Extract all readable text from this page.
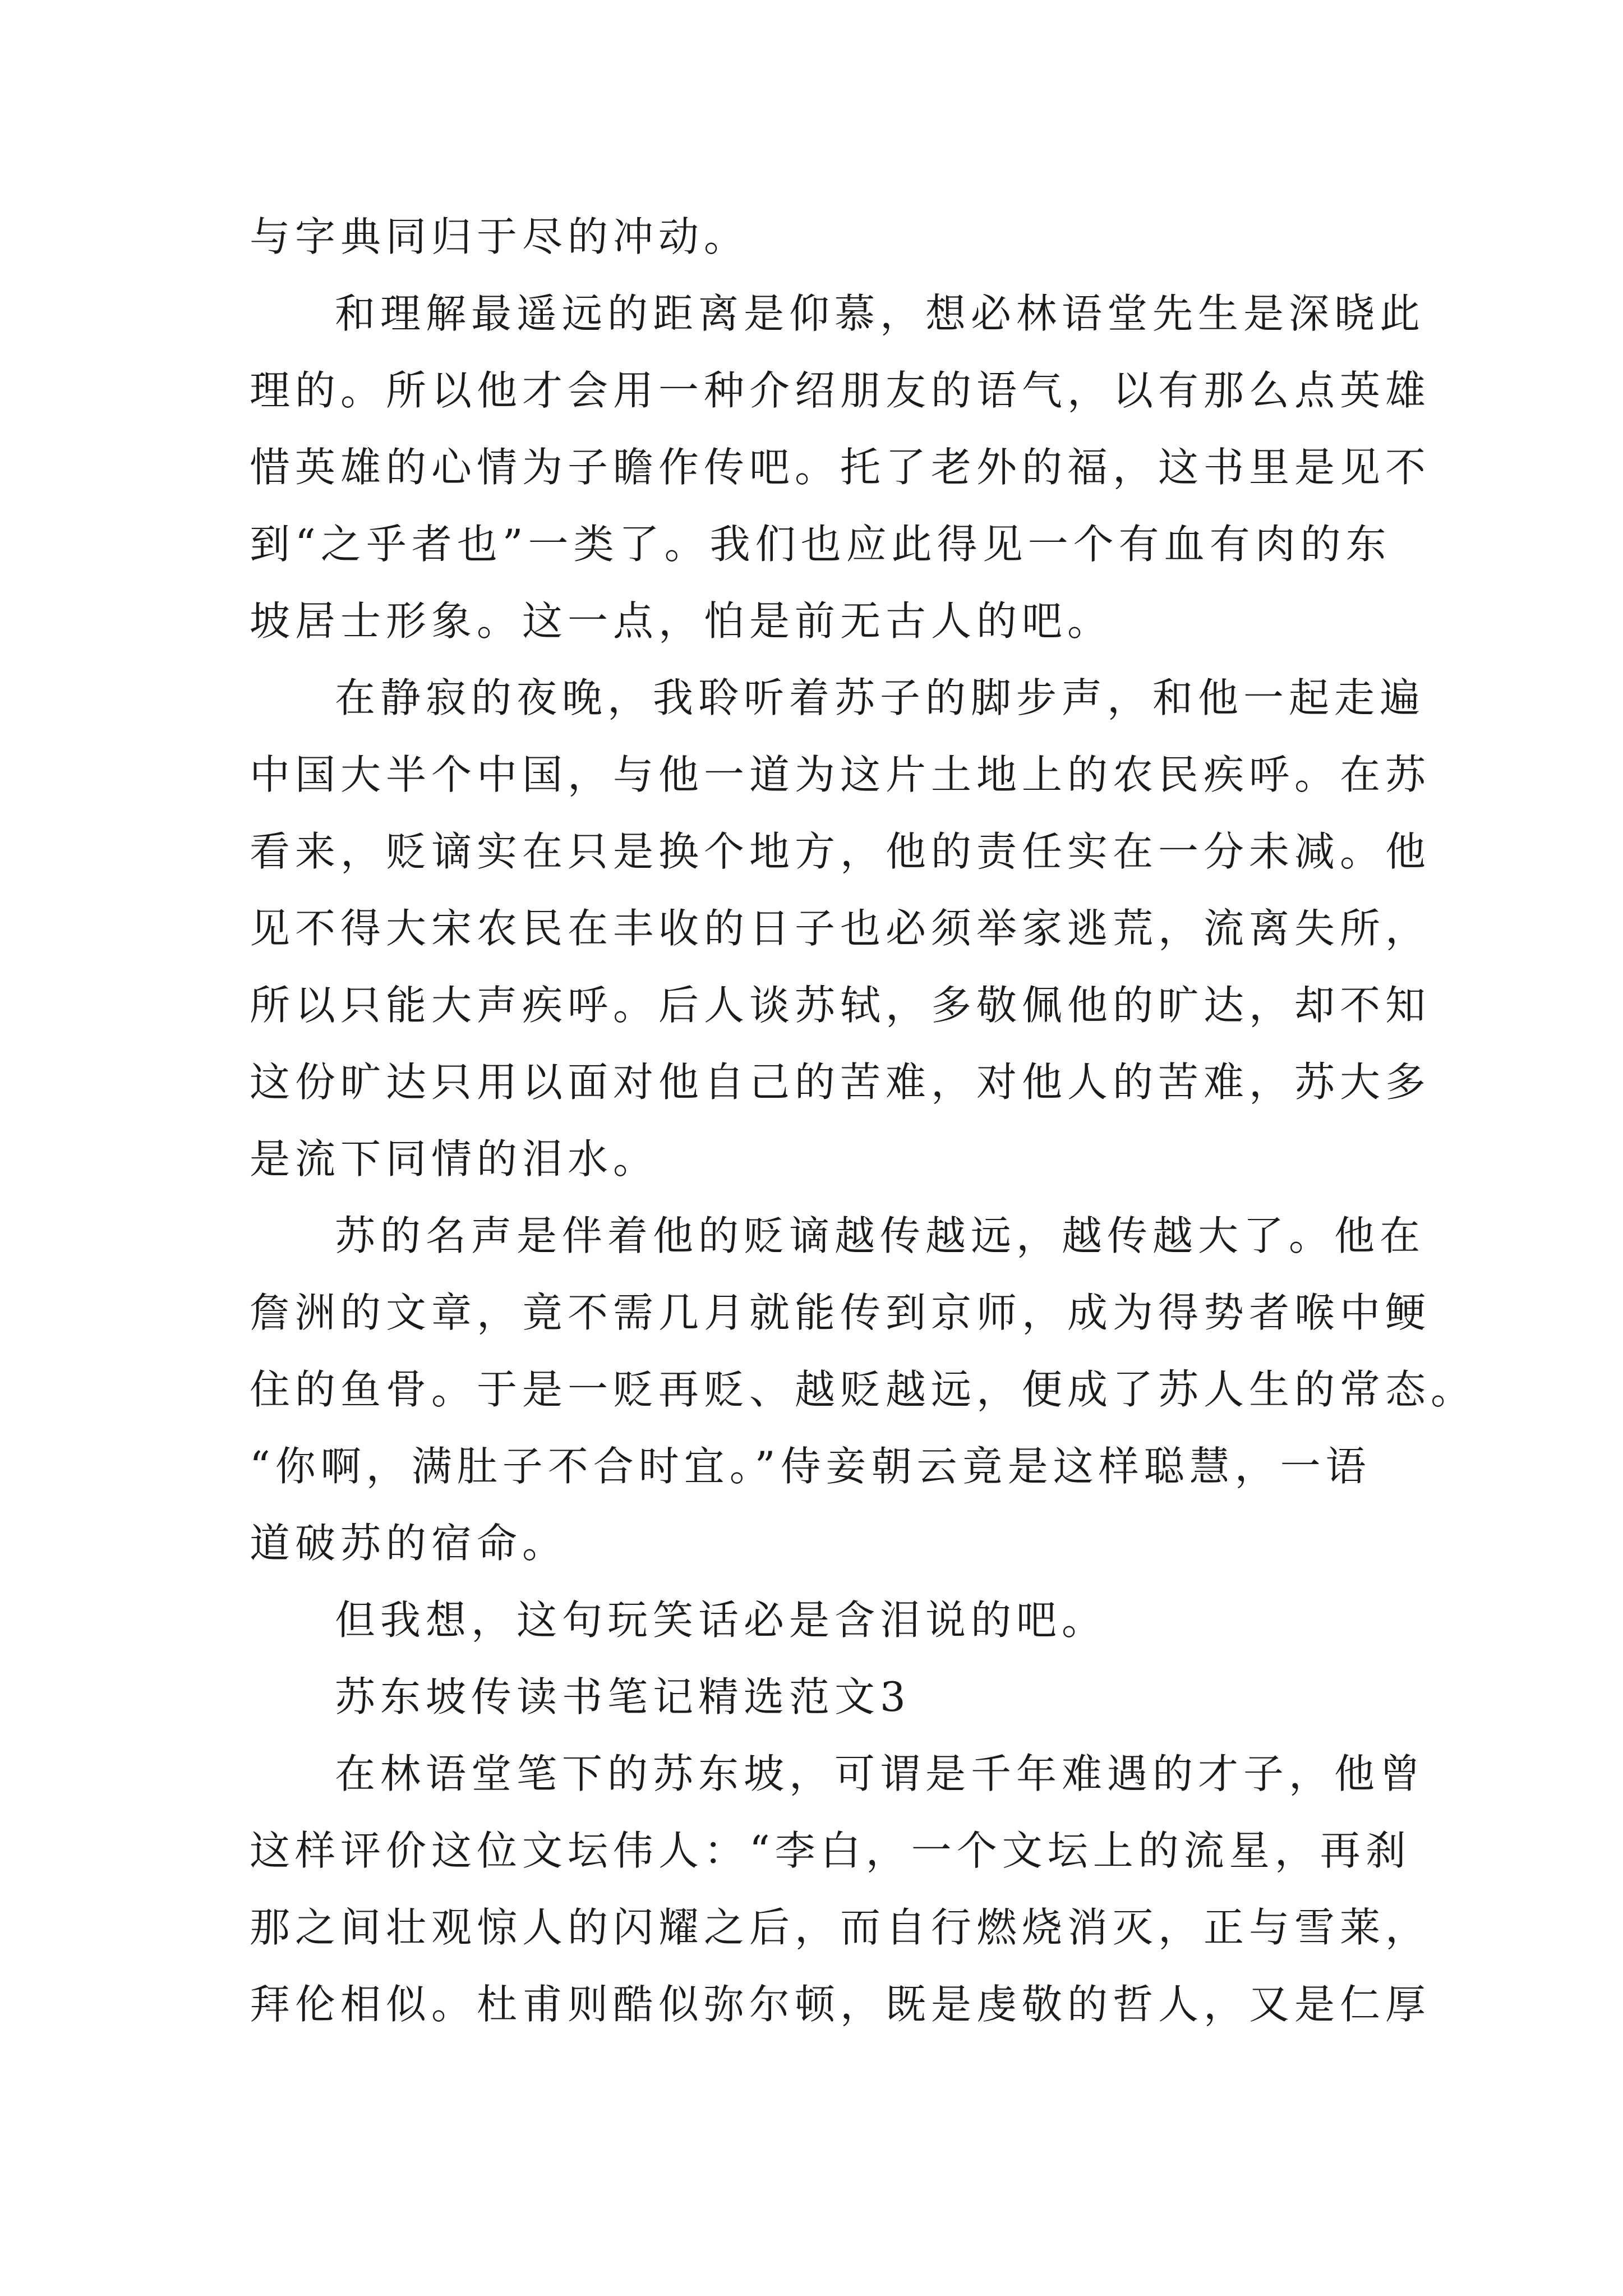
与字典同归于尽的冲动。
和理解最遥远的距离是仰慕，想必林语堂先生是深晓此
理的。所以他才会用一种介绍朋友的语气，以有那么点英雄
惜英雄的心情为子瞻作传吧。托了老外的福，这书里是见不
到“之乎者也”一类了。我们也应此得见一个有血有肉的东
坡居士形象。这一点，怕是前无古人的吧。
在静寂的夜晚，我聆听着苏子的脚步声，和他一起走遍
中国大半个中国，与他一道为这片土地上的农民疾呼。在苏
看来，贬谪实在只是换个地方，他的责任实在一分未减。他
见不得大宋农民在丰收的日子也必须举家逃荒，流离失所，
所以只能大声疾呼。后人谈苏轼，多敬佩他的旷达，却不知
这份旷达只用以面对他自己的苦难，对他人的苦难，苏大多
是流下同情的泪水。
苏的名声是伴着他的贬谪越传越远，越传越大了。他在
詹洲的文章，竟不需几月就能传到京师，成为得势者喉中鲠
住的鱼骨。于是一贬再贬、越贬越远，便成了苏人生的常态。
“你啊，满肚子不合时宜。”侍妾朝云竟是这样聪慧，一语
道破苏的宿命。
但我想，这句玩笑话必是含泪说的吧。
苏东坡传读书笔记精选范文3
在林语堂笔下的苏东坡，可谓是千年难遇的才子，他曾
这样评价这位文坛伟人：“李白，一个文坛上的流星，再刹
那之间壮观惊人的闪耀之后，而自行燃烧消灭，正与雪莱，
拜伦相似。杜甫则酷似弥尔顿，既是虔敬的哲人，又是仁厚
